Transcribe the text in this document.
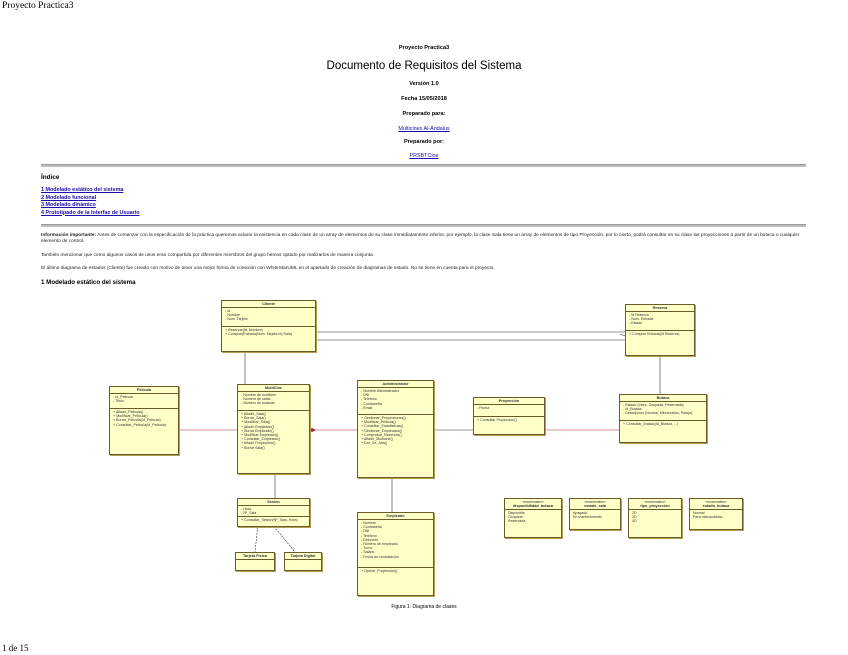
Proyecto Practica3
1 de 15
Proyecto Practica3
Documento de Requisitos del Sistema
Versión 1.0
Fecha 15/05/2018
Preparado para:
Multicines Al-Ándalus
Preparado por:
PRSBTCine
Índice
1 Modelado estático del sistema
2 Modelado funcional
3 Modelado dinámico
4 Prototipado de la Interfaz de Usuario
Información importante: Antes de comenzar con la especificación de la práctica queremos aclarar la existencia en cada clase de un array de elementos de su clase inmediatamente inferior, por ejemplo, la clase Sala tiene un array de elementos de tipo Proyección, por lo cierto, podrá consultar en su clase las proyecciones a partir de un butaca o cualquier elemento de control.
También mencionar que como algunos casos de usos eran compartida por diferentes miembros del grupo hemos optado por realizarlos de manera conjunta.
El último diagrama de estados (Cliente) fue creado con motivo de tener una mejor forma de conexión con WhiteStarUML en el apartado de creación de diagramas de estado. No se tiene en cuenta para el proyecto.
1 Modelado estático del sistema
Cliente
- id
- Nombre
- Num. Tarjeta
+ Reservar(Id, Nombre)
+ Comprar(Entrada(Num. Tarjeta Id) Sala)
Reserva
- Id Reserva
- Num. Entrada
- Estado
+ Comprar Entrada(Id Reserva)
Película
- Id_Pelicula
- Titulo
+ Añadir_Pelicula()
+ Modificar_Pelicula()
+ Borrar_Pelicula(Id_Pelicula)
+ Consultar_Pelicula(Id_Pelicula)
MultiCine
- Nombre de multicine
- Número de salas
- Número de butacas
+ Añadir_Sala()
+ Borrar_Sala()
+ Modificar_Sala()
+ Añadir Empleado()
+ Borrar Empleado()
+ Modificar Empleado()
+ Consultar_Empleado()
+ Añadir Proyección()
+ Borrar Sala()
Administrador
- Nombre Administrador
- DNI
- Teléfono
- Contraseña
- Email
+ Gestionar_Proyecciones()
+ Modificar_Pelicula()
+ Consultar_Estadisticas()
+ Gestionar_Empleados()
+ Comprobar_Reservas()
+ Añadir_Multicine()
+ Dar_De_Alta()
Proyección
- Fecha
+ Consultar Proyeccion()
Butaca
- Estado (Libre, Ocupada, Reservada)
- Id_Butaca
- Descripción (Normal, Minusválido, Pareja)
+ Consultar_Estado(Id_Butaca, ...)
Empleado
- Nombre
- Contraseña
- DNI
- Teléfono
- Dirección
- Número de empleado
- Turno
- Salario
- Fecha de contratación
+ Operar_Proyección()
Sesión
- Hora
- Nº_Sala
+ Consultar_Sesión(Nº_Sala, Hora)
Tarjeta Física	Tarjeta Digital
«enumeration»
disponibilidad_butaca
Disponible
Ocupada
Reservada
«enumeration»
estado_sala
Apagado
En mantenimiento
«enumeration»
tipo_proyección
2D
3D
4D
«enumeration»
estado_butaca
Normal
Para minusválidos
Figura 1: Diagrama de clases
